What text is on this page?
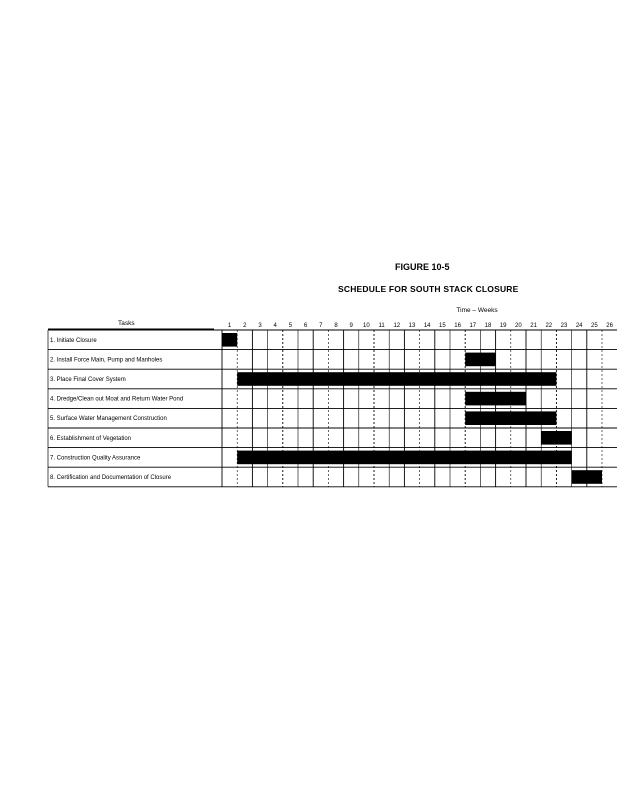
FIGURE 10-5
SCHEDULE FOR SOUTH STACK CLOSURE
Time – Weeks
Tasks	1 2 3 4 5 6 7 8 9 10 11 12 13 14 15 16 17 18 19 20 21 22 23 24 25 26
1. Initiate Closure
2. Install Force Main, Pump and Manholes
3. Place Final Cover System
4. Dredge/Clean out Moat and Return Water Pond
5. Surface Water Management Construction
6. Establishment of Vegetation
7. Construction Quality Assurance
8. Certification and Documentation of Closure
